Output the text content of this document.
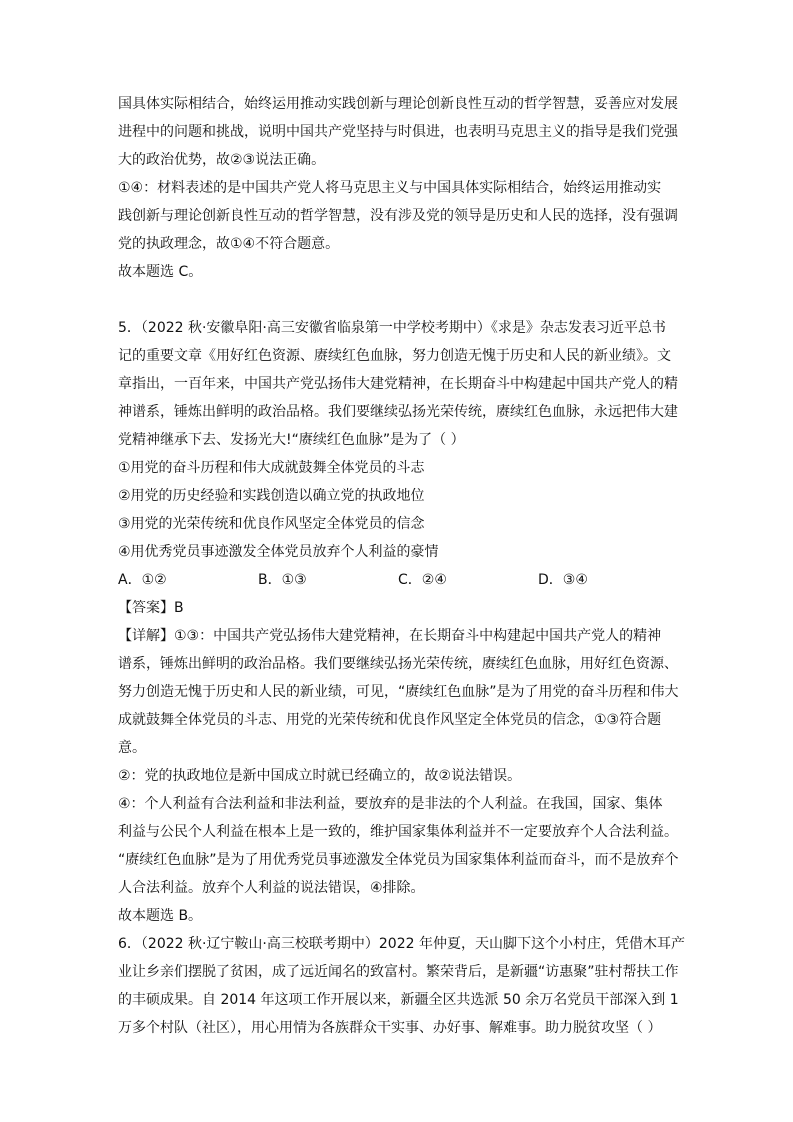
国具体实际相结合，始终运用推动实践创新与理论创新良性互动的哲学智慧，妥善应对发展
进程中的问题和挑战，说明中国共产党坚持与时俱进，也表明马克思主义的指导是我们党强
大的政治优势，故②③说法正确。
①④：材料表述的是中国共产党人将马克思主义与中国具体实际相结合，始终运用推动实
践创新与理论创新良性互动的哲学智慧，没有涉及党的领导是历史和人民的选择，没有强调
党的执政理念，故①④不符合题意。
故本题选 C。
5．（2022 秋·安徽阜阳·高三安徽省临泉第一中学校考期中）《求是》杂志发表习近平总书
记的重要文章《用好红色资源、赓续红色血脉，努力创造无愧于历史和人民的新业绩》。文
章指出，一百年来，中国共产党弘扬伟大建党精神，在长期奋斗中构建起中国共产党人的精
神谱系，锤炼出鲜明的政治品格。我们要继续弘扬光荣传统，赓续红色血脉，永远把伟大建
党精神继承下去、发扬光大!“赓续红色血脉”是为了（ ）
①用党的奋斗历程和伟大成就鼓舞全体党员的斗志
②用党的历史经验和实践创造以确立党的执政地位
③用党的光荣传统和优良作风坚定全体党员的信念
④用优秀党员事迹激发全体党员放弃个人利益的豪情
A．①②	B．①③	C．②④	D．③④
【答案】B
【详解】①③：中国共产党弘扬伟大建党精神，在长期奋斗中构建起中国共产党人的精神
谱系，锤炼出鲜明的政治品格。我们要继续弘扬光荣传统，赓续红色血脉，用好红色资源、
努力创造无愧于历史和人民的新业绩，可见，“赓续红色血脉”是为了用党的奋斗历程和伟大
成就鼓舞全体党员的斗志、用党的光荣传统和优良作风坚定全体党员的信念，①③符合题
意。
②：党的执政地位是新中国成立时就已经确立的，故②说法错误。
④：个人利益有合法利益和非法利益，要放弃的是非法的个人利益。在我国，国家、集体
利益与公民个人利益在根本上是一致的，维护国家集体利益并不一定要放弃个人合法利益。
“赓续红色血脉”是为了用优秀党员事迹激发全体党员为国家集体利益而奋斗，而不是放弃个
人合法利益。放弃个人利益的说法错误，④排除。
故本题选 B。
6．（2022 秋·辽宁鞍山·高三校联考期中）2022 年仲夏，天山脚下这个小村庄，凭借木耳产
业让乡亲们摆脱了贫困，成了远近闻名的致富村。繁荣背后，是新疆“访惠聚”驻村帮扶工作
的丰硕成果。自 2014 年这项工作开展以来，新疆全区共选派 50 余万名党员干部深入到 1
万多个村队（社区），用心用情为各族群众干实事、办好事、解难事。助力脱贫攻坚（ ）
